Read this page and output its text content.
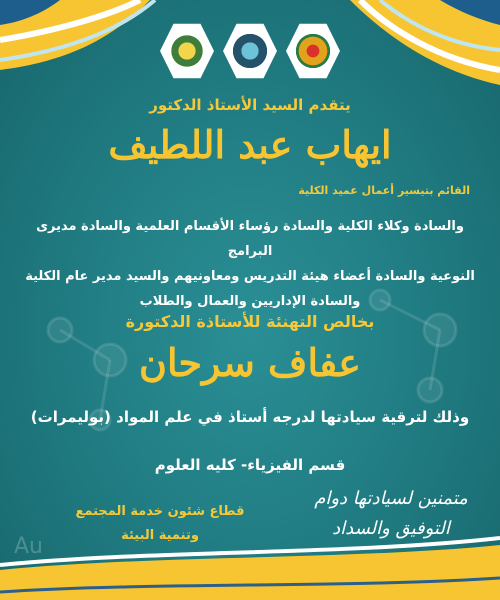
يتقدم السيد الأستاذ الدكتور
ايهاب عبد اللطيف
القائم بتيسير أعمال عميد الكلية
والسادة وكلاء الكلية والسادة رؤساء الأقسام العلمية والسادة مديرى البرامج
النوعية والسادة أعضاء هيئة التدريس ومعاونيهم والسيد مدير عام الكلية
والسادة الإداريين والعمال والطلاب
بخالص التهنئة للأستاذة الدكتورة
عفاف سرحان
وذلك لترقية سيادتها لدرجه أستاذ في علم المواد (بوليمرات)
قسم الفيزياء- كليه العلوم
متمنين لسيادتها دوام
التوفيق والسداد
قطاع شئون خدمة المجتمع
وتنمية البيئة
Au
